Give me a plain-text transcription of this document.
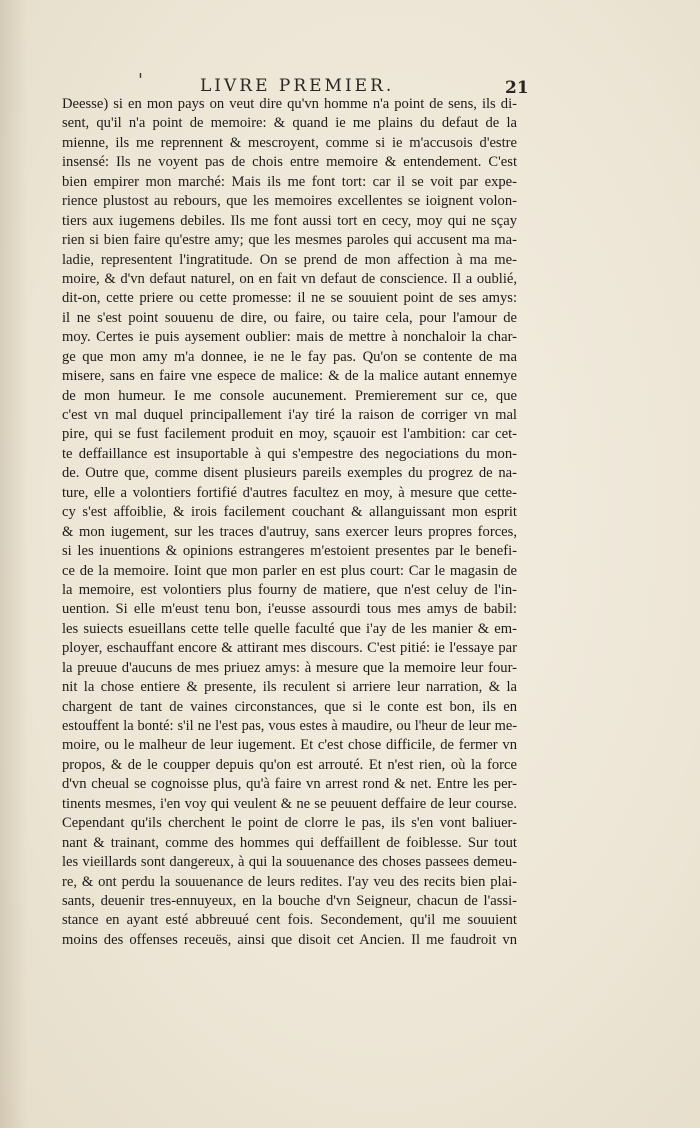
'	LIVRE PREMIER.	21
Deesse) si en mon pays on veut dire qu'vn homme n'a point de sens, ils di-
sent, qu'il n'a point de memoire: & quand ie me plains du defaut de la
mienne, ils me reprennent & mescroyent, comme si ie m'accusois d'estre
insensé: Ils ne voyent pas de chois entre memoire & entendement. C'est
bien empirer mon marché: Mais ils me font tort: car il se voit par expe-
rience plustost au rebours, que les memoires excellentes se ioignent volon-
tiers aux iugemens debiles. Ils me font aussi tort en cecy, moy qui ne sçay
rien si bien faire qu'estre amy; que les mesmes paroles qui accusent ma ma-
ladie, representent l'ingratitude. On se prend de mon affection à ma me-
moire, & d'vn defaut naturel, on en fait vn defaut de conscience. Il a oublié,
dit-on, cette priere ou cette promesse: il ne se souuient point de ses amys:
il ne s'est point souuenu de dire, ou faire, ou taire cela, pour l'amour de
moy. Certes ie puis aysement oublier: mais de mettre à nonchaloir la char-
ge que mon amy m'a donnee, ie ne le fay pas. Qu'on se contente de ma
misere, sans en faire vne espece de malice: & de la malice autant ennemye
de mon humeur. Ie me console aucunement. Premierement sur ce, que
c'est vn mal duquel principallement i'ay tiré la raison de corriger vn mal
pire, qui se fust facilement produit en moy, sçauoir est l'ambition: car cet-
te deffaillance est insuportable à qui s'empestre des negociations du mon-
de. Outre que, comme disent plusieurs pareils exemples du progrez de na-
ture, elle a volontiers fortifié d'autres facultez en moy, à mesure que cette-
cy s'est affoiblie, & irois facilement couchant & allanguissant mon esprit
& mon iugement, sur les traces d'autruy, sans exercer leurs propres forces,
si les inuentions & opinions estrangeres m'estoient presentes par le benefi-
ce de la memoire. Ioint que mon parler en est plus court: Car le magasin de
la memoire, est volontiers plus fourny de matiere, que n'est celuy de l'in-
uention. Si elle m'eust tenu bon, i'eusse assourdi tous mes amys de babil:
les suiects esueillans cette telle quelle faculté que i'ay de les manier & em-
ployer, eschauffant encore & attirant mes discours. C'est pitié: ie l'essaye par
la preuue d'aucuns de mes priuez amys: à mesure que la memoire leur four-
nit la chose entiere & presente, ils reculent si arriere leur narration, & la
chargent de tant de vaines circonstances, que si le conte est bon, ils en
estouffent la bonté: s'il ne l'est pas, vous estes à maudire, ou l'heur de leur me-
moire, ou le malheur de leur iugement. Et c'est chose difficile, de fermer vn
propos, & de le coupper depuis qu'on est arrouté. Et n'est rien, où la force
d'vn cheual se cognoisse plus, qu'à faire vn arrest rond & net. Entre les per-
tinents mesmes, i'en voy qui veulent & ne se peuuent deffaire de leur course.
Cependant qu'ils cherchent le point de clorre le pas, ils s'en vont baliuer-
nant & trainant, comme des hommes qui deffaillent de foiblesse. Sur tout
les vieillards sont dangereux, à qui la souuenance des choses passees demeu-
re, & ont perdu la souuenance de leurs redites. I'ay veu des recits bien plai-
sants, deuenir tres-ennuyeux, en la bouche d'vn Seigneur, chacun de l'assi-
stance en ayant esté abbreuué cent fois. Secondement, qu'il me souuient
moins des offenses receuës, ainsi que disoit cet Ancien. Il me faudroit vn
